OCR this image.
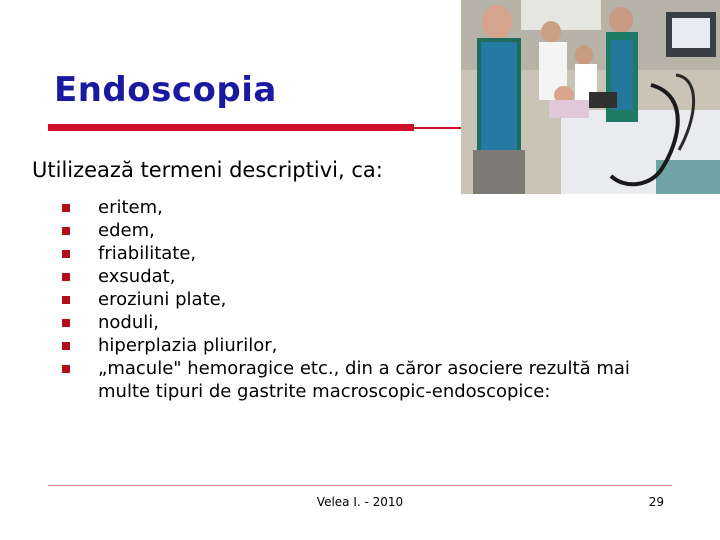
Endoscopia
Utilizează termeni descriptivi, ca:
eritem,
edem,
friabilitate,
exsudat,
eroziuni plate,
noduli,
hiperplazia pliurilor,
„macule" hemoragice etc., din a căror asociere rezultă mai multe tipuri de gastrite macroscopic-endoscopice:
Velea I. - 2010	29
